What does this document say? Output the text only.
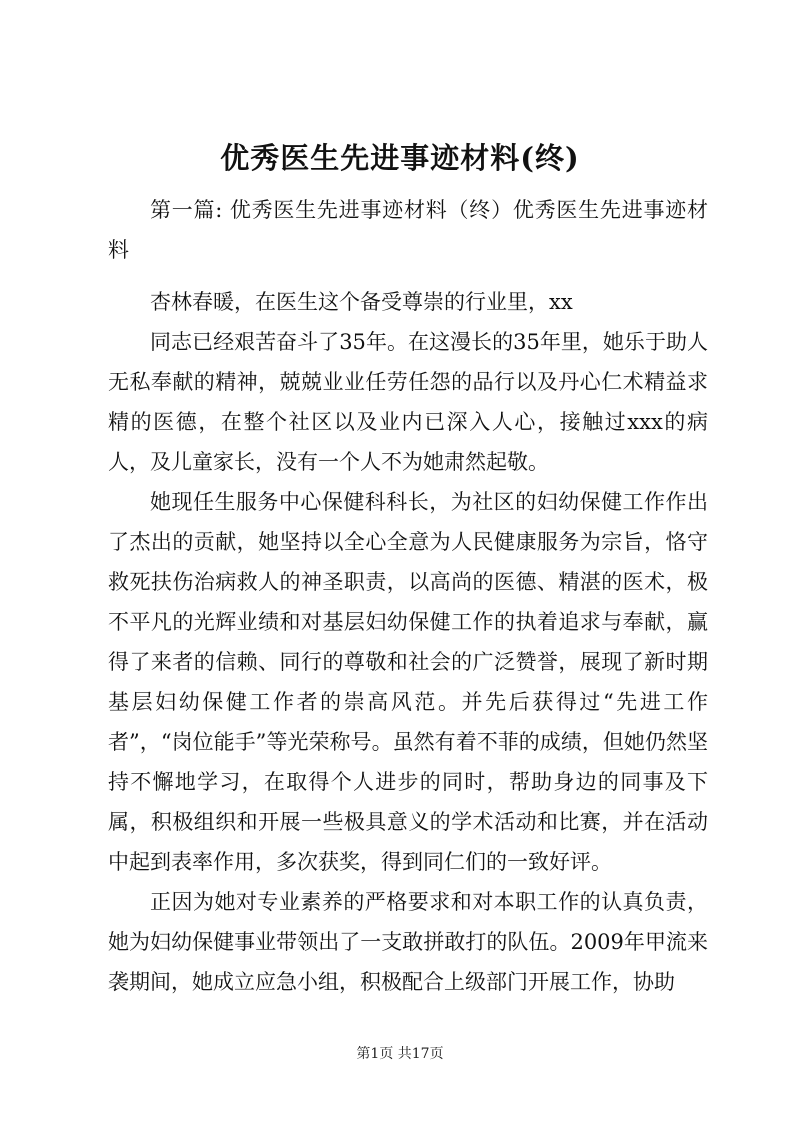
优秀医生先进事迹材料(终)

第一篇: 优秀医生先进事迹材料（终）优秀医生先进事迹材料

杏林春暖，在医生这个备受尊崇的行业里，xx

同志已经艰苦奋斗了35年。在这漫长的35年里，她乐于助人无私奉献的精神，兢兢业业任劳任怨的品行以及丹心仁术精益求精的医德，在整个社区以及业内已深入人心，接触过xxx的病人，及儿童家长，没有一个人不为她肃然起敬。

她现任生服务中心保健科科长，为社区的妇幼保健工作作出了杰出的贡献，她坚持以全心全意为人民健康服务为宗旨，恪守救死扶伤治病救人的神圣职责，以高尚的医德、精湛的医术，极不平凡的光辉业绩和对基层妇幼保健工作的执着追求与奉献，赢得了来者的信赖、同行的尊敬和社会的广泛赞誉，展现了新时期基层妇幼保健工作者的崇高风范。并先后获得过“先进工作者”，“岗位能手”等光荣称号。虽然有着不菲的成绩，但她仍然坚持不懈地学习，在取得个人进步的同时，帮助身边的同事及下属，积极组织和开展一些极具意义的学术活动和比赛，并在活动中起到表率作用，多次获奖，得到同仁们的一致好评。

正因为她对专业素养的严格要求和对本职工作的认真负责，她为妇幼保健事业带领出了一支敢拼敢打的队伍。2009年甲流来袭期间，她成立应急小组，积极配合上级部门开展工作，协助

第1页 共17页
